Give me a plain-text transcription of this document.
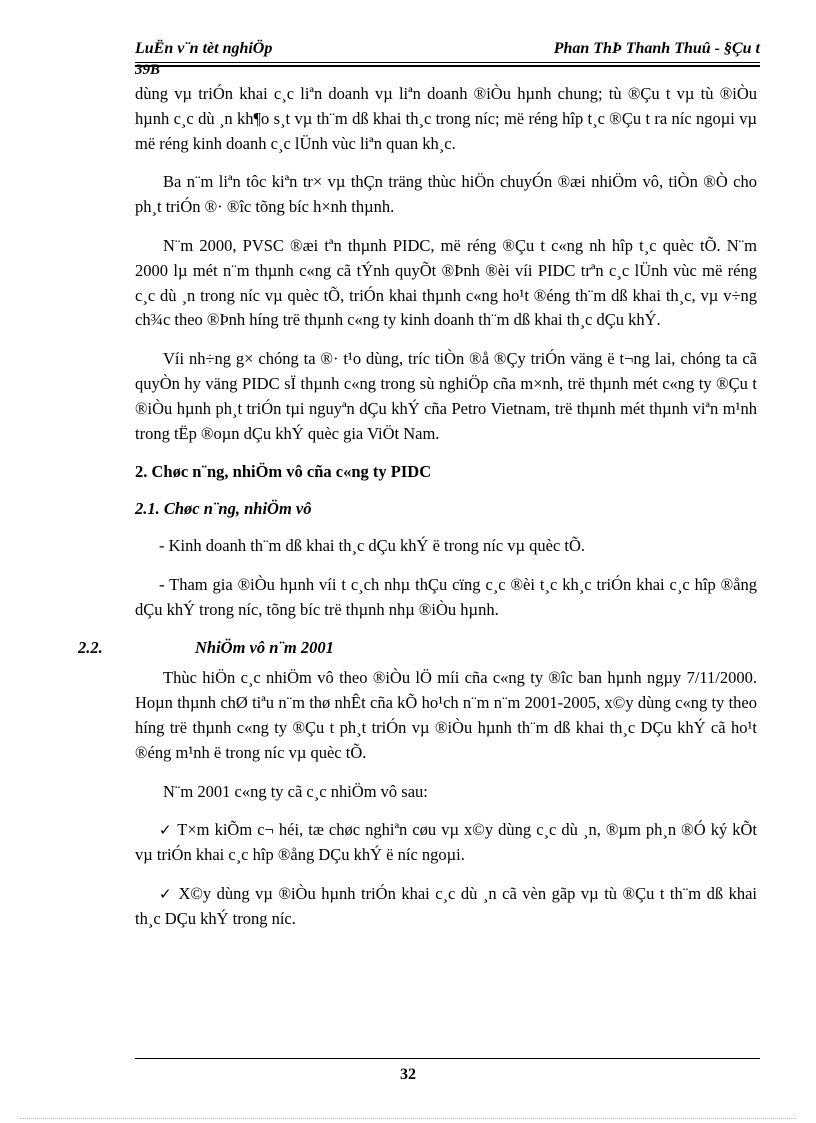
LuËn v¨n tèt nghiÖp	Phan ThÞ Thanh Thuû - §Çu t
39B

dùng vµ triÓn khai c¸c liªn doanh vµ liªn doanh ®iÒu hµnh chung; tù ®Çu t vµ tù ®iÒu hµnh c¸c dù ¸n kh¶o s¸t vµ th¨m dß khai th¸c trong níc; më réng hîp t¸c ®Çu t ra níc ngoµi vµ më réng kinh doanh c¸c lÜnh vùc liªn quan kh¸c.

Ba n¨m liªn tôc kiªn tr× vµ thÇn träng thùc hiÖn chuyÓn ®æi nhiÖm vô, tiÒn ®Ò cho ph¸t triÓn ®· ®îc tõng bíc h×nh thµnh.

N¨m 2000, PVSC ®æi tªn thµnh PIDC, më réng ®Çu t c«ng nh hîp t¸c quèc tÕ. N¨m 2000 lµ mét n¨m thµnh c«ng cã tÝnh quyÕt ®Þnh ®èi víi PIDC trªn c¸c lÜnh vùc më réng c¸c dù ¸n trong níc vµ quèc tÕ, triÓn khai thµnh c«ng ho¹t ®éng th¨m dß khai th¸c, vµ v÷ng ch¾c theo ®Þnh híng trë thµnh c«ng ty kinh doanh th¨m dß khai th¸c dÇu khÝ.

Víi nh÷ng g× chóng ta ®· t¹o dùng, tríc tiÒn ®å ®Çy triÓn väng ë t¬ng lai, chóng ta cã quyÒn hy väng PIDC sÏ thµnh c«ng trong sù nghiÖp cña m×nh, trë thµnh mét c«ng ty ®Çu t ®iÒu hµnh ph¸t triÓn tµi nguyªn dÇu khÝ cña Petro Vietnam, trë thµnh mét thµnh viªn m¹nh trong tËp ®oµn dÇu khÝ quèc gia ViÖt Nam.

2. Chøc n¨ng, nhiÖm vô cña c«ng ty PIDC

2.1. Chøc n¨ng, nhiÖm vô

- Kinh doanh th¨m dß khai th¸c dÇu khÝ ë trong níc vµ quèc tÕ.

- Tham gia ®iÒu hµnh víi t c¸ch nhµ thÇu cïng c¸c ®èi t¸c kh¸c triÓn khai c¸c hîp ®ång dÇu khÝ trong níc, tõng bíc trë thµnh nhµ ®iÒu hµnh.

2.2.	NhiÖm vô n¨m 2001

Thùc hiÖn c¸c nhiÖm vô theo ®iÒu lÖ míi cña c«ng ty ®îc ban hµnh ngµy 7/11/2000. Hoµn thµnh chØ tiªu n¨m thø nhÊt cña kÕ ho¹ch n¨m n¨m 2001-2005, x©y dùng c«ng ty theo híng trë thµnh c«ng ty ®Çu t ph¸t triÓn vµ ®iÒu hµnh th¨m dß khai th¸c DÇu khÝ cã ho¹t ®éng m¹nh ë trong níc vµ quèc tÕ.

N¨m 2001 c«ng ty cã c¸c nhiÖm vô sau:

✓ T×m kiÕm c¬ héi, tæ chøc nghiªn cøu vµ x©y dùng c¸c dù ¸n, ®µm ph¸n ®Ó ký kÕt vµ triÓn khai c¸c hîp ®ång DÇu khÝ ë níc ngoµi.

✓ X©y dùng vµ ®iÒu hµnh triÓn khai c¸c dù ¸n cã vèn gãp vµ tù ®Çu t th¨m dß khai th¸c DÇu khÝ trong níc.

32
